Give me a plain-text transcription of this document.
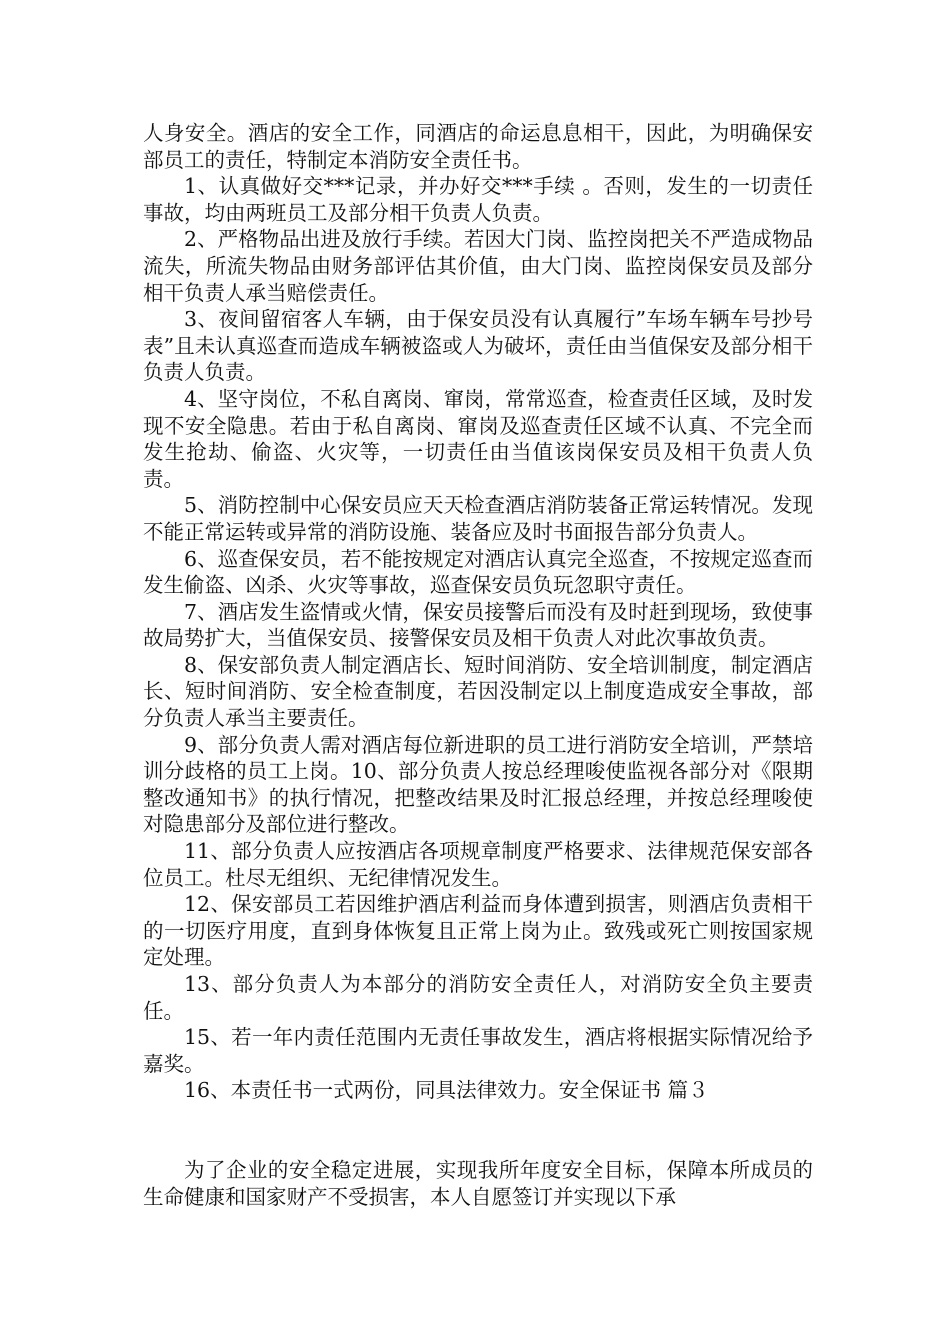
人身安全。酒店的安全工作，同酒店的命运息息相干，因此，为明确保安部员工的责任，特制定本消防安全责任书。

1、认真做好交***记录，并办好交***手续 。否则，发生的一切责任事故，均由两班员工及部分相干负责人负责。

2、严格物品出进及放行手续。若因大门岗、监控岗把关不严造成物品流失，所流失物品由财务部评估其价值，由大门岗、监控岗保安员及部分相干负责人承当赔偿责任。

3、夜间留宿客人车辆，由于保安员没有认真履行”车场车辆车号抄号表”且未认真巡查而造成车辆被盗或人为破坏，责任由当值保安及部分相干负责人负责。

4、坚守岗位，不私自离岗、窜岗，常常巡查，检查责任区域，及时发现不安全隐患。若由于私自离岗、窜岗及巡查责任区域不认真、不完全而发生抢劫、偷盗、火灾等，一切责任由当值该岗保安员及相干负责人负责。

5、消防控制中心保安员应天天检查酒店消防装备正常运转情况。发现不能正常运转或异常的消防设施、装备应及时书面报告部分负责人。

6、巡查保安员，若不能按规定对酒店认真完全巡查，不按规定巡查而发生偷盗、凶杀、火灾等事故，巡查保安员负玩忽职守责任。

7、酒店发生盗情或火情，保安员接警后而没有及时赶到现场，致使事故局势扩大，当值保安员、接警保安员及相干负责人对此次事故负责。

8、保安部负责人制定酒店长、短时间消防、安全培训制度，制定酒店长、短时间消防、安全检查制度，若因没制定以上制度造成安全事故，部分负责人承当主要责任。

9、部分负责人需对酒店每位新进职的员工进行消防安全培训，严禁培训分歧格的员工上岗。10、部分负责人按总经理唆使监视各部分对《限期整改通知书》的执行情况，把整改结果及时汇报总经理，并按总经理唆使对隐患部分及部位进行整改。

11、部分负责人应按酒店各项规章制度严格要求、法律规范保安部各位员工。杜尽无组织、无纪律情况发生。

12、保安部员工若因维护酒店利益而身体遭到损害，则酒店负责相干的一切医疗用度，直到身体恢复且正常上岗为止。致残或死亡则按国家规定处理。

13、部分负责人为本部分的消防安全责任人，对消防安全负主要责任。

15、若一年内责任范围内无责任事故发生，酒店将根据实际情况给予嘉奖。

16、本责任书一式两份，同具法律效力。安全保证书 篇３

为了企业的安全稳定进展，实现我所年度安全目标，保障本所成员的生命健康和国家财产不受损害，本人自愿签订并实现以下承
